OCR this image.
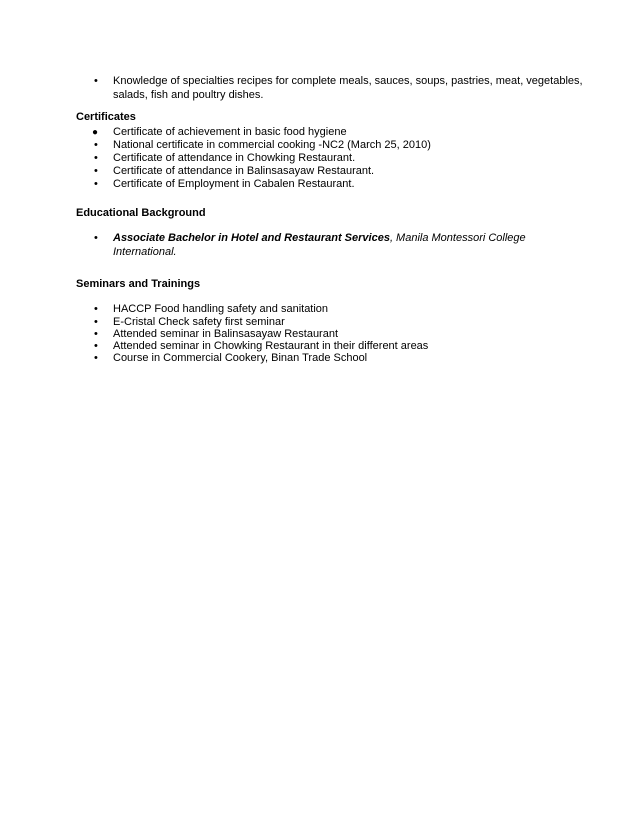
• Knowledge of specialties recipes for complete meals, sauces, soups, pastries, meat, vegetables,
salads, fish and poultry dishes.
Certificates
● Certificate of achievement in basic food hygiene
• National certificate in commercial cooking -NC2 (March 25, 2010)
• Certificate of attendance in Chowking Restaurant.
• Certificate of attendance in Balinsasayaw Restaurant.
• Certificate of Employment in Cabalen Restaurant.
Educational Background
• Associate Bachelor in Hotel and Restaurant Services, Manila Montessori College
International.
Seminars and Trainings
• HACCP Food handling safety and sanitation
• E-Cristal Check safety first seminar
• Attended seminar in Balinsasayaw Restaurant
• Attended seminar in Chowking Restaurant in their different areas
• Course in Commercial Cookery, Binan Trade School
